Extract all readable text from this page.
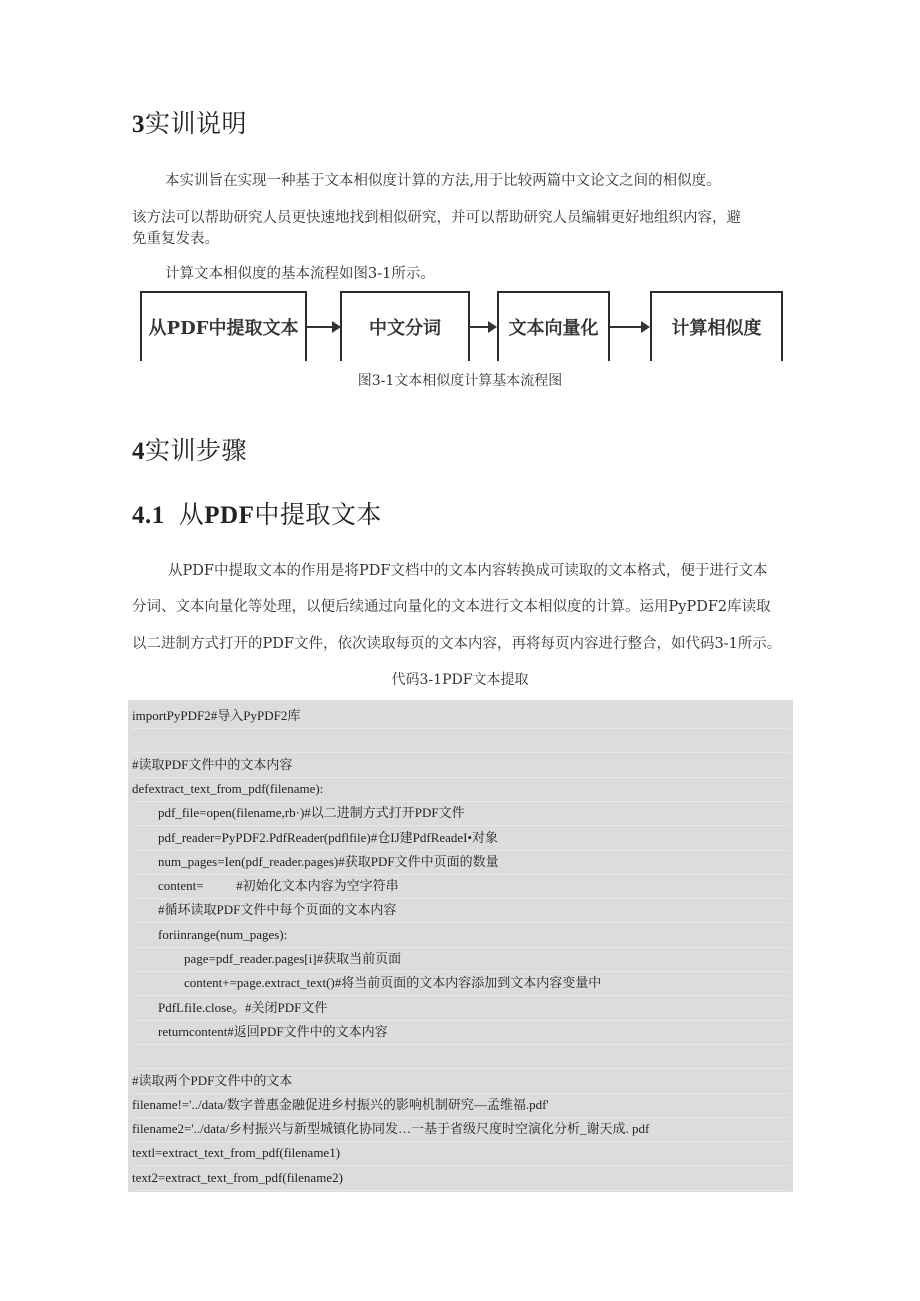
3实训说明
本实训旨在实现一种基于文本相似度计算的方法,用于比较两篇中文论文之间的相似度。
该方法可以帮助研究人员更快速地找到相似研究，并可以帮助研究人员编辑更好地组织内容，避
免重复发表。
计算文本相似度的基本流程如图3-1所示。
从PDF中提取文本	中文分词	文本向量化	计算相似度
图3-1文本相似度计算基本流程图
4实训步骤
4.1 从PDF中提取文本
从PDF中提取文本的作用是将PDF文档中的文本内容转换成可读取的文本格式，便于进行文本
分词、文本向量化等处理，以便后续通过向量化的文本进行文本相似度的计算。运用PyPDF2库读取
以二进制方式打开的PDF文件，依次读取每页的文本内容，再将每页内容进行整合，如代码3-1所示。
代码3-1PDF文本提取
importPyPDF2#导入PyPDF2库
#读取PDF文件中的文本内容
defextract_text_from_pdf(filename):
pdf_file=open(filename,rb·)#以二进制方式打开PDF文件
pdf_reader=PyPDF2.PdfReader(pdflfile)#仓IJ建PdfReadeI•对象
num_pages=Ien(pdf_reader.pages)#获取PDF文件中页面的数量
content=          #初始化文本内容为空字符串
#循环读取PDF文件中每个页面的文本内容
foriinrange(num_pages):
page=pdf_reader.pages[i]#获取当前页面
content+=page.extract_text()#将当前页面的文本内容添加到文本内容变量中
PdfLfiIe.close。#关闭PDF文件
returncontent#返回PDF文件中的文本内容
#读取两个PDF文件中的文本
filename!='../data/数字普惠金融促进乡村振兴的影响机制研究—孟维福.pdf'
filename2='../data/乡村振兴与新型城镇化协同发…一基于省级尺度时空演化分析_谢天成. pdf
textl=extract_text_from_pdf(filename1)
text2=extract_text_from_pdf(filename2)
